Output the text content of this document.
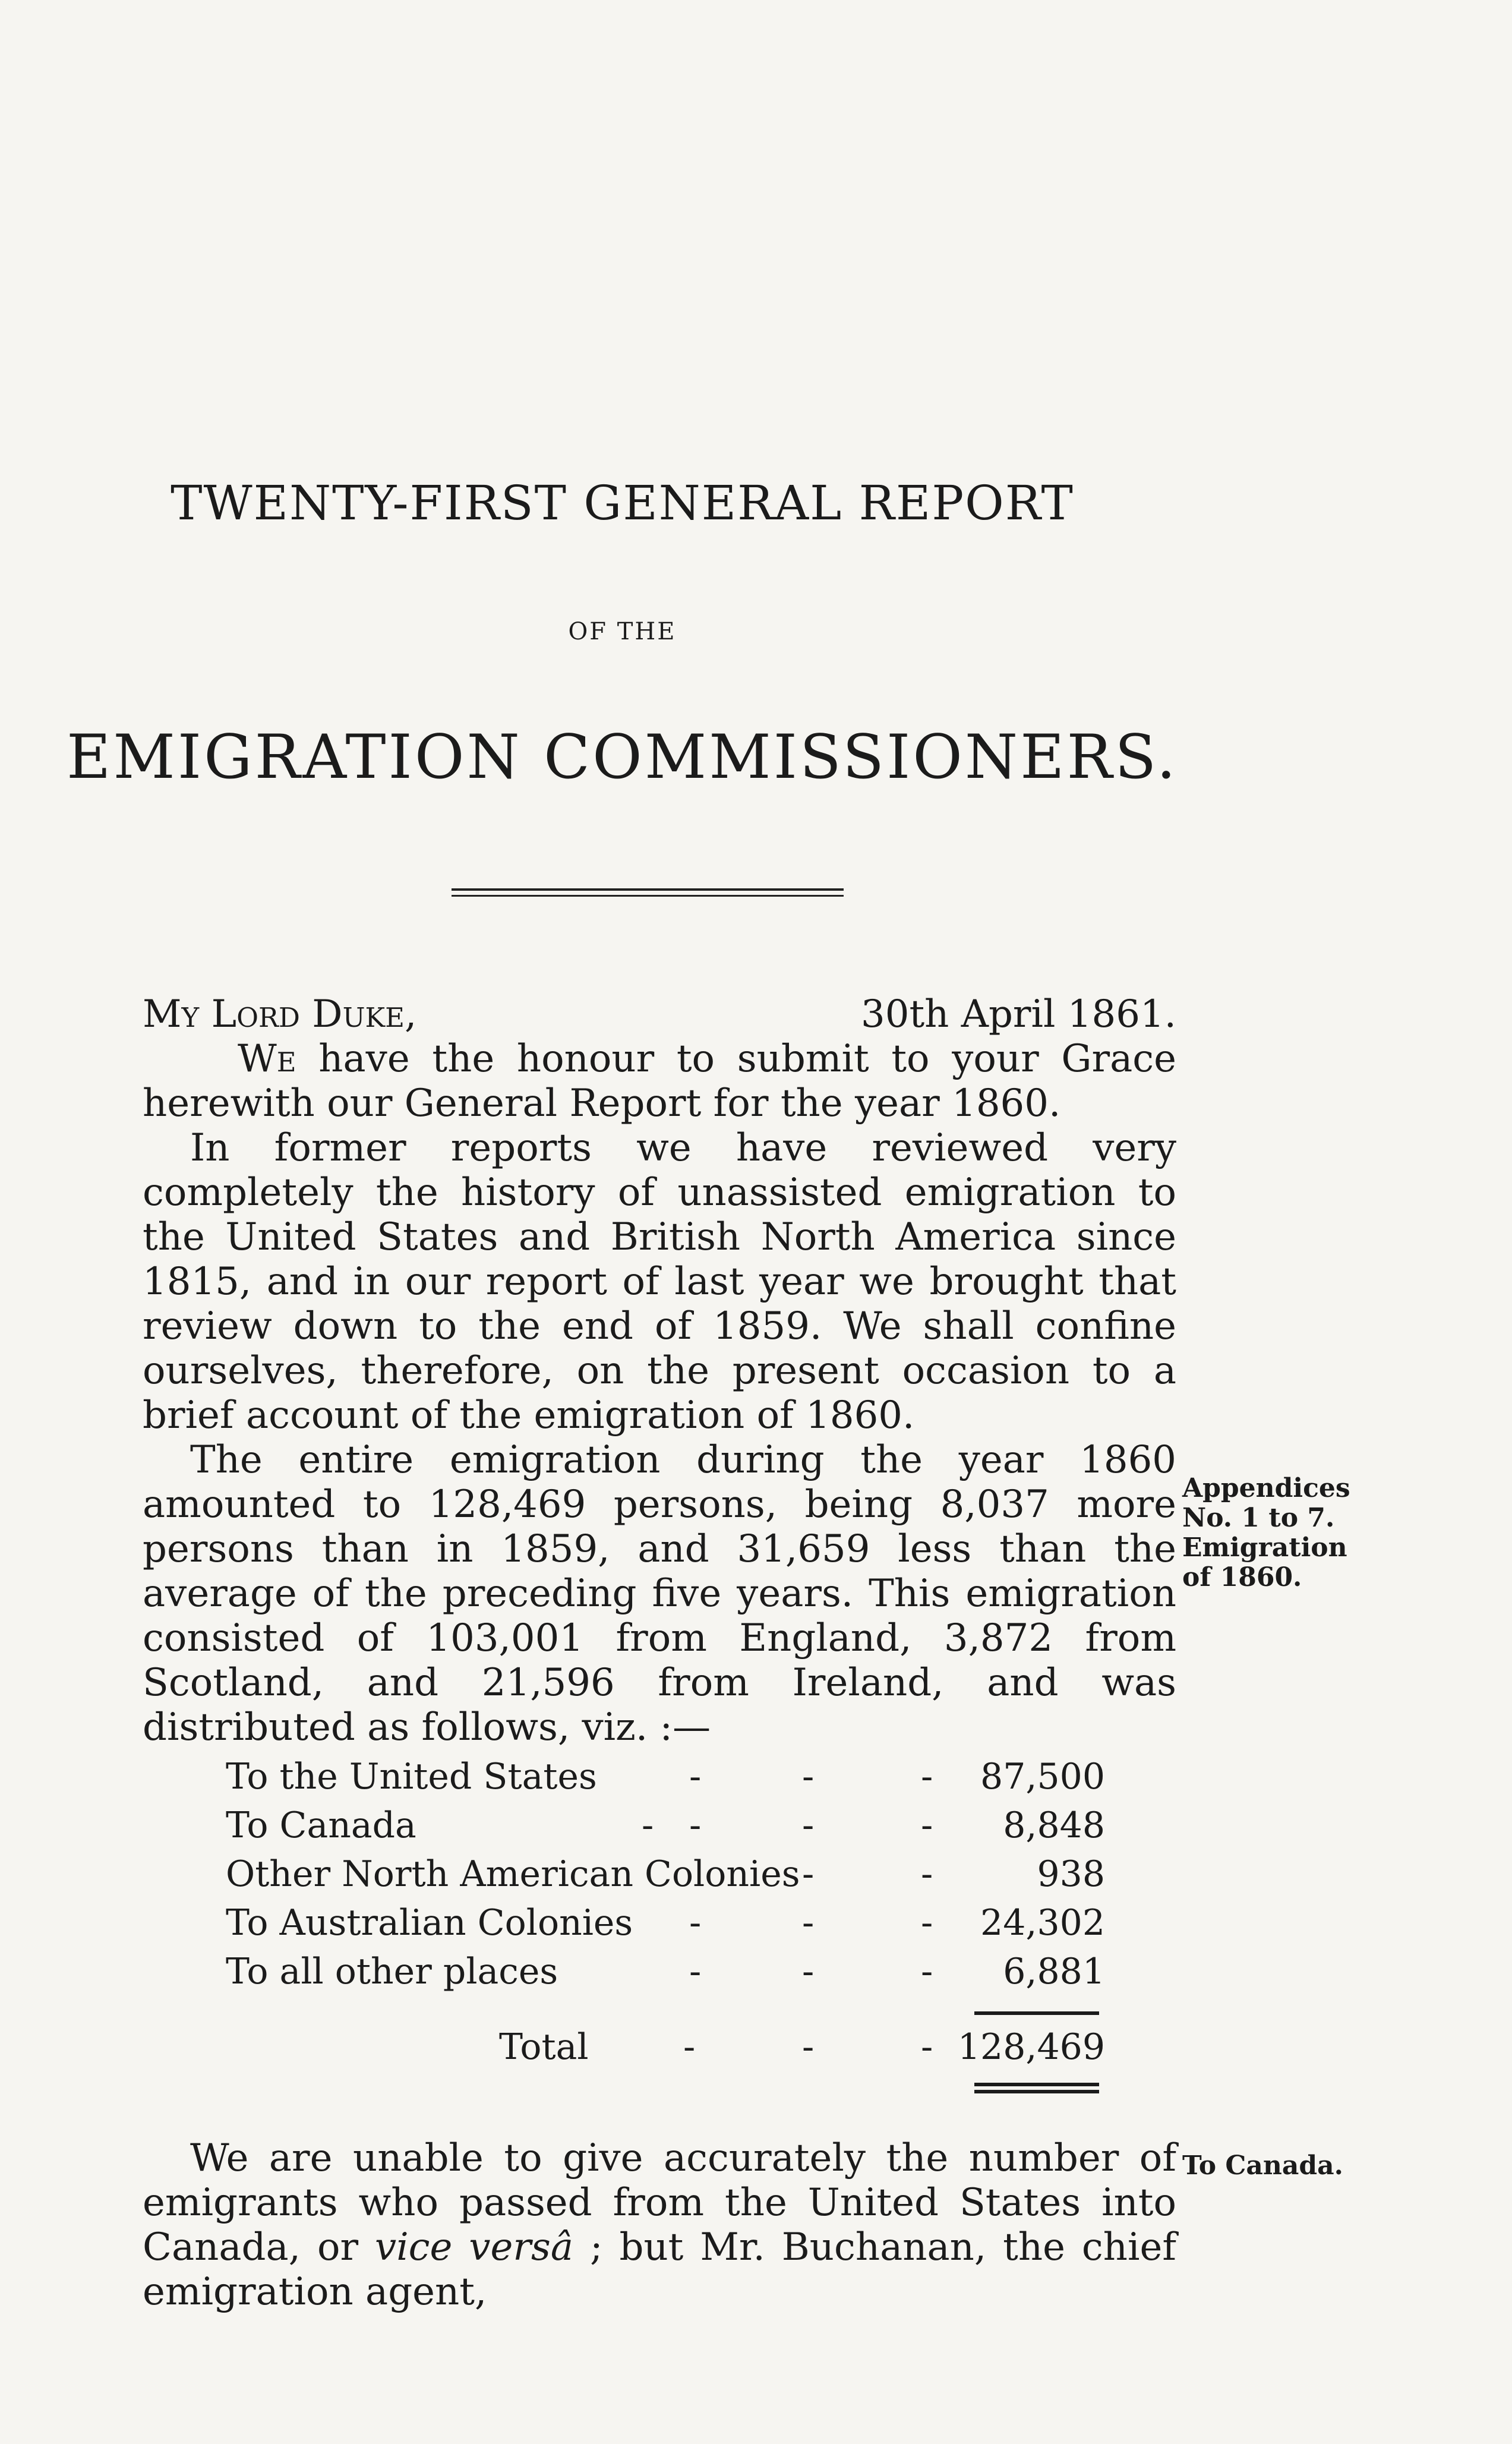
TWENTY-FIRST GENERAL REPORT
OF THE
EMIGRATION COMMISSIONERS.
My Lord Duke,	30th April 1861.

We have the honour to submit to your Grace herewith our General Report for the year 1860.

In former reports we have reviewed very completely the history of unassisted emigration to the United States and British North America since 1815, and in our report of last year we brought that review down to the end of 1859. We shall confine ourselves, therefore, on the present occasion to a brief account of the emigration of 1860.

The entire emigration during the year 1860 amounted to 128,469 persons, being 8,037 more persons than in 1859, and 31,659 less than the average of the preceding five years. This emigration consisted of 103,001 from England, 3,872 from Scotland, and 21,596 from Ireland, and was distributed as follows, viz. :—

Appendices No. 1 to 7. Emigration of 1860.
To the United States	-	-	- 87,500
To Canada	- -	-	- 8,848
Other North American Colonies -	-	938
To Australian Colonies -	-	- 24,302
To all other places	-	-	- 6,881
Total	-	-	- 128,469

We are unable to give accurately the number of emigrants who passed from the United States into Canada, or vice versâ ; but Mr. Buchanan, the chief emigration agent,

To Canada.
